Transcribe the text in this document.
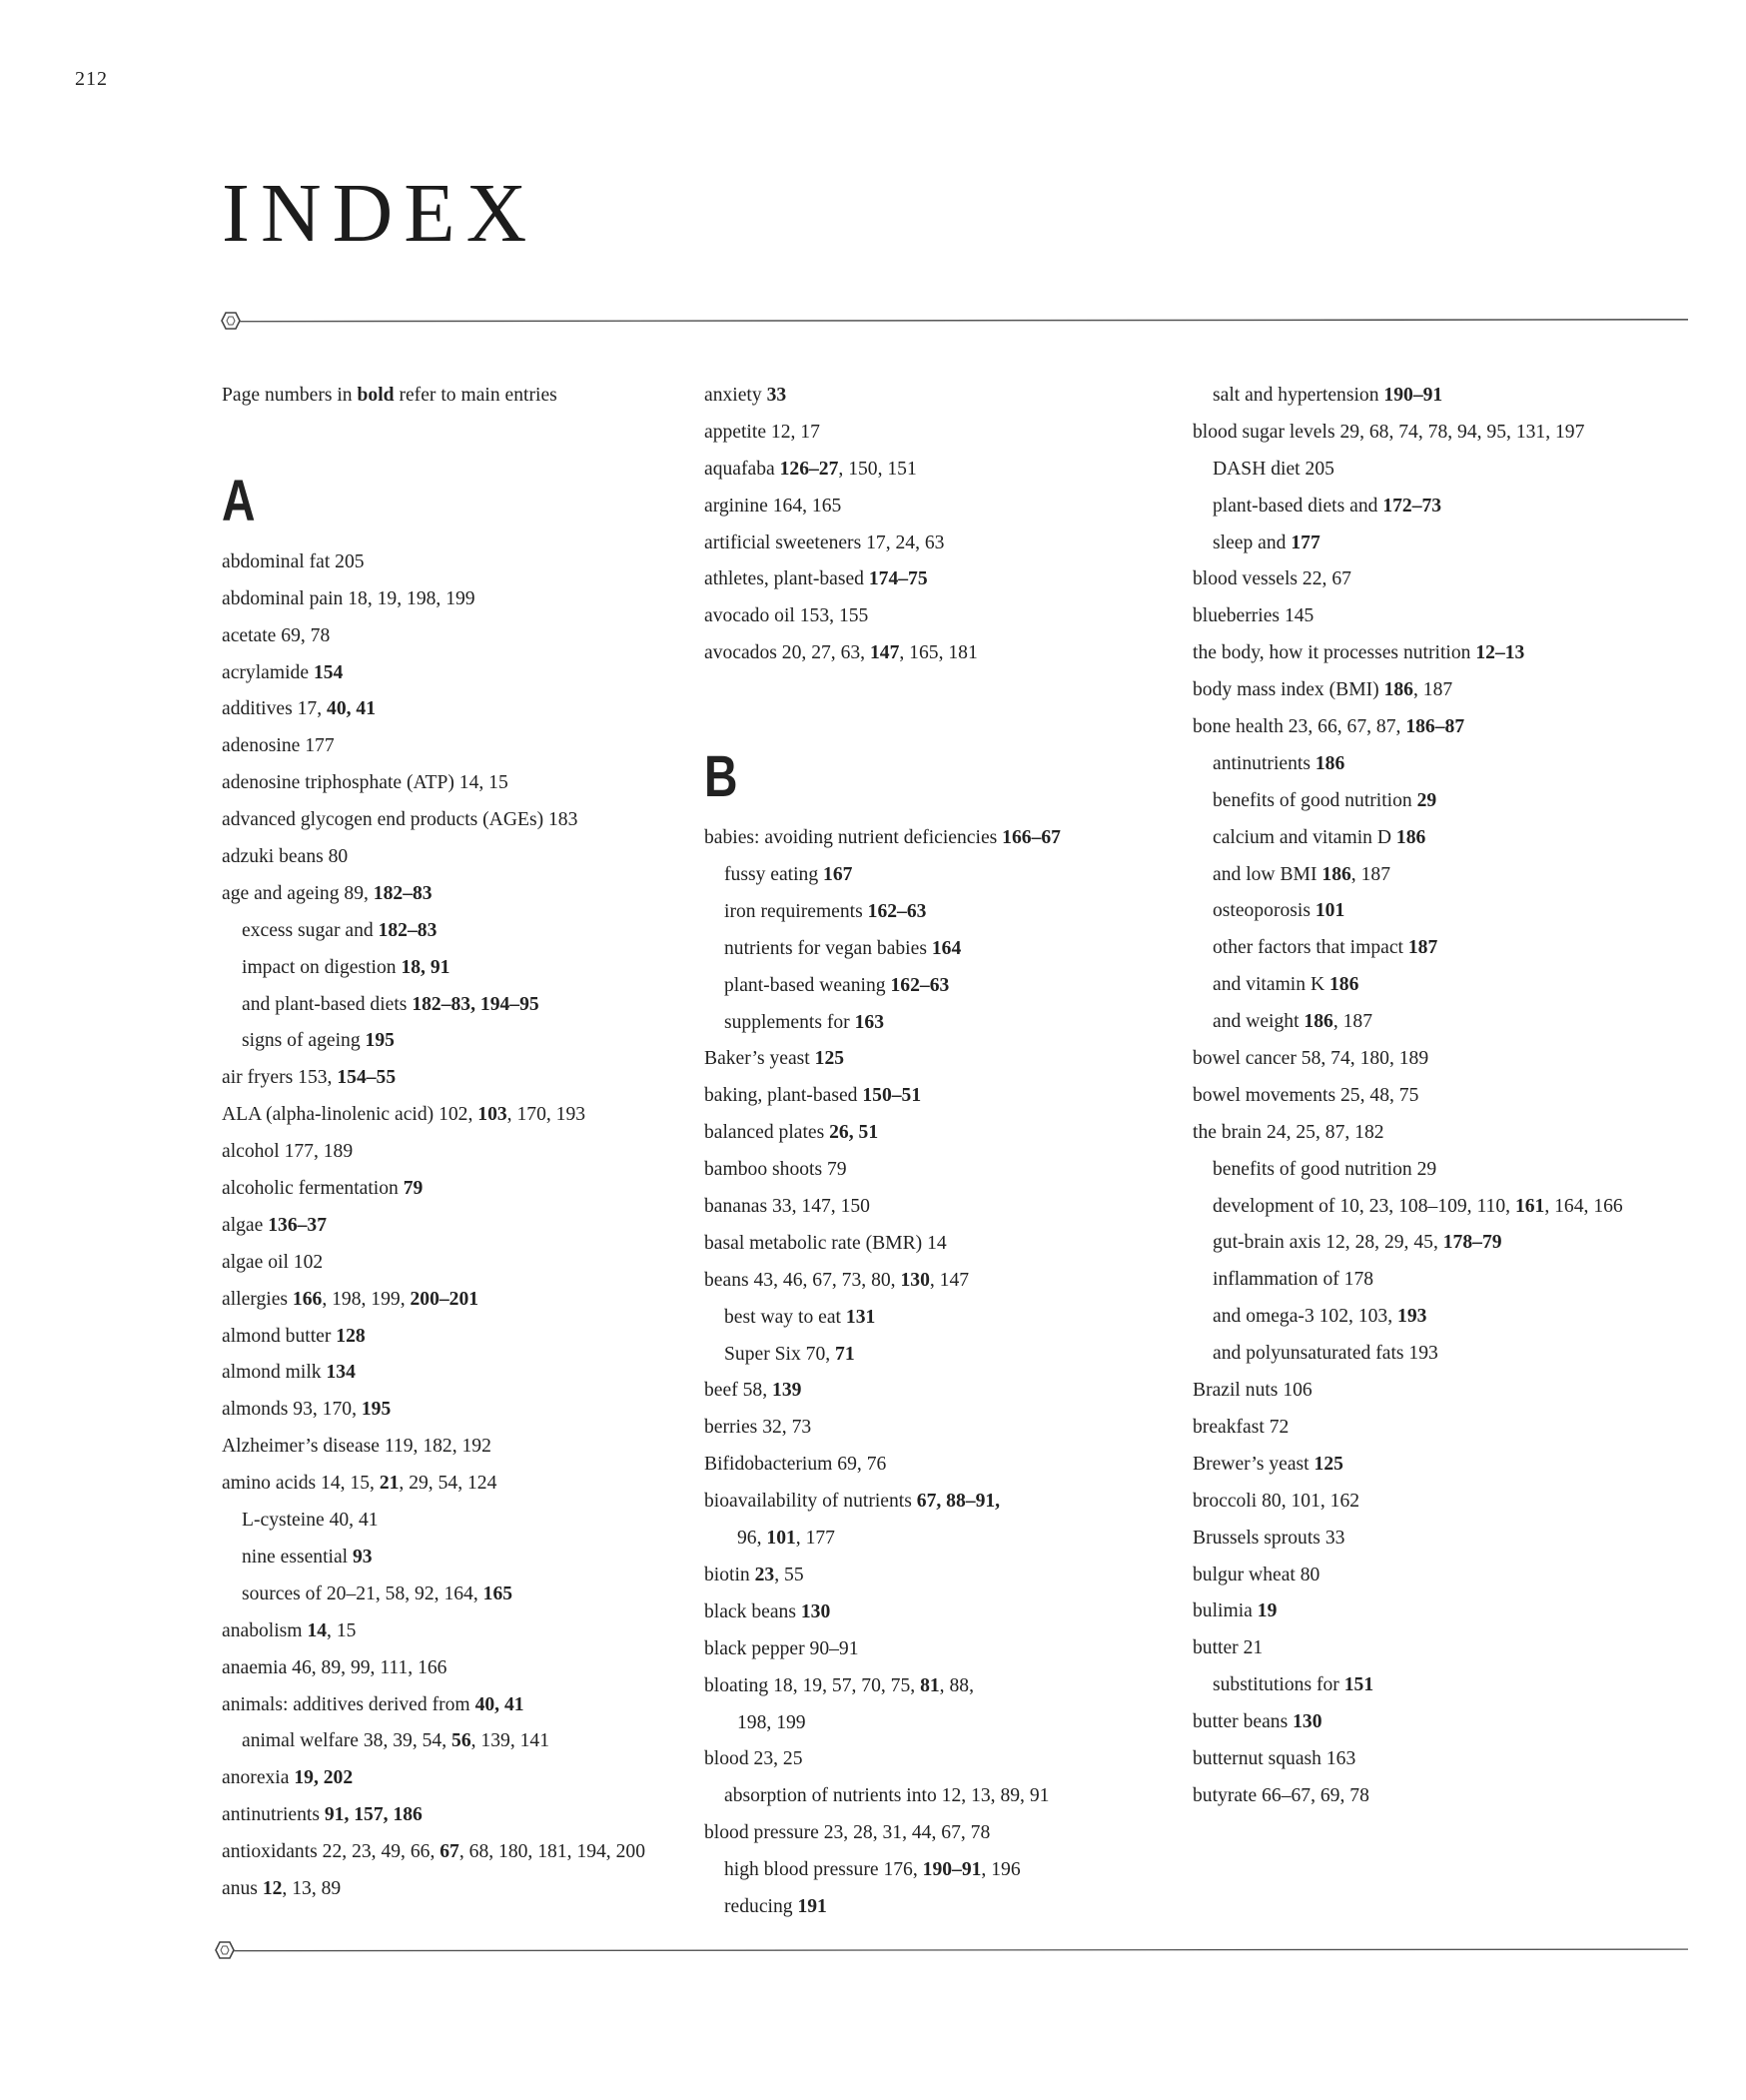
212
INDEX
Page numbers in bold refer to main entries
A
abdominal fat 205
abdominal pain 18, 19, 198, 199
acetate 69, 78
acrylamide 154
additives 17, 40, 41
adenosine 177
adenosine triphosphate (ATP) 14, 15
advanced glycogen end products (AGEs) 183
adzuki beans 80
age and ageing 89, 182–83
excess sugar and 182–83
impact on digestion 18, 91
and plant-based diets 182–83, 194–95
signs of ageing 195
air fryers 153, 154–55
ALA (alpha-linolenic acid) 102, 103, 170, 193
alcohol 177, 189
alcoholic fermentation 79
algae 136–37
algae oil 102
allergies 166, 198, 199, 200–201
almond butter 128
almond milk 134
almonds 93, 170, 195
Alzheimer’s disease 119, 182, 192
amino acids 14, 15, 21, 29, 54, 124
L-cysteine 40, 41
nine essential 93
sources of 20–21, 58, 92, 164, 165
anabolism 14, 15
anaemia 46, 89, 99, 111, 166
animals: additives derived from 40, 41
animal welfare 38, 39, 54, 56, 139, 141
anorexia 19, 202
antinutrients 91, 157, 186
antioxidants 22, 23, 49, 66, 67, 68, 180, 181, 194, 200
anus 12, 13, 89
anxiety 33
appetite 12, 17
aquafaba 126–27, 150, 151
arginine 164, 165
artificial sweeteners 17, 24, 63
athletes, plant-based 174–75
avocado oil 153, 155
avocados 20, 27, 63, 147, 165, 181
B
babies: avoiding nutrient deficiencies 166–67
fussy eating 167
iron requirements 162–63
nutrients for vegan babies 164
plant-based weaning 162–63
supplements for 163
Baker’s yeast 125
baking, plant-based 150–51
balanced plates 26, 51
bamboo shoots 79
bananas 33, 147, 150
basal metabolic rate (BMR) 14
beans 43, 46, 67, 73, 80, 130, 147
best way to eat 131
Super Six 70, 71
beef 58, 139
berries 32, 73
Bifidobacterium 69, 76
bioavailability of nutrients 67, 88–91,
96, 101, 177
biotin 23, 55
black beans 130
black pepper 90–91
bloating 18, 19, 57, 70, 75, 81, 88,
198, 199
blood 23, 25
absorption of nutrients into 12, 13, 89, 91
blood pressure 23, 28, 31, 44, 67, 78
high blood pressure 176, 190–91, 196
reducing 191
salt and hypertension 190–91
blood sugar levels 29, 68, 74, 78, 94, 95, 131, 197
DASH diet 205
plant-based diets and 172–73
sleep and 177
blood vessels 22, 67
blueberries 145
the body, how it processes nutrition 12–13
body mass index (BMI) 186, 187
bone health 23, 66, 67, 87, 186–87
antinutrients 186
benefits of good nutrition 29
calcium and vitamin D 186
and low BMI 186, 187
osteoporosis 101
other factors that impact 187
and vitamin K 186
and weight 186, 187
bowel cancer 58, 74, 180, 189
bowel movements 25, 48, 75
the brain 24, 25, 87, 182
benefits of good nutrition 29
development of 10, 23, 108–109, 110, 161, 164, 166
gut-brain axis 12, 28, 29, 45, 178–79
inflammation of 178
and omega-3 102, 103, 193
and polyunsaturated fats 193
Brazil nuts 106
breakfast 72
Brewer’s yeast 125
broccoli 80, 101, 162
Brussels sprouts 33
bulgur wheat 80
bulimia 19
butter 21
substitutions for 151
butter beans 130
butternut squash 163
butyrate 66–67, 69, 78
